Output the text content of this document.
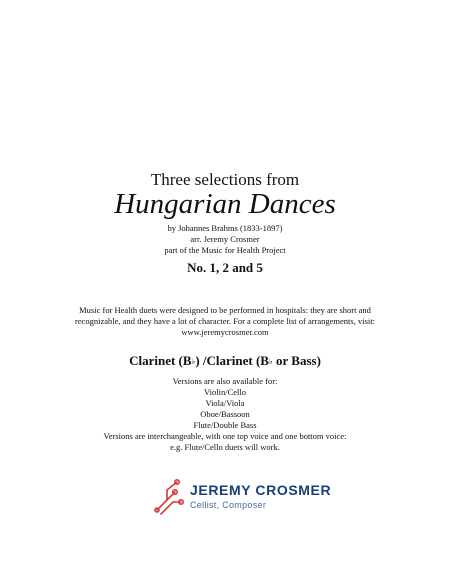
Three selections from
Hungarian Dances
by Johannes Brahms (1833-1897)
arr. Jeremy Crosmer
part of the Music for Health Project
No. 1, 2 and 5
Music for Health duets were designed to be performed in hospitals: they are short and recognizable, and they have a lot of character. For a complete list of arrangements, visit: www.jeremycrosmer.com
Clarinet (B♭) /Clarinet (B♭ or Bass)
Versions are also available for:
Violin/Cello
Viola/Viola
Oboe/Bassoon
Flute/Double Bass
Versions are interchangeable, with one top voice and one bottom voice:
e.g. Flute/Cello duets will work.
JEREMY CROSMER
Cellist, Composer
